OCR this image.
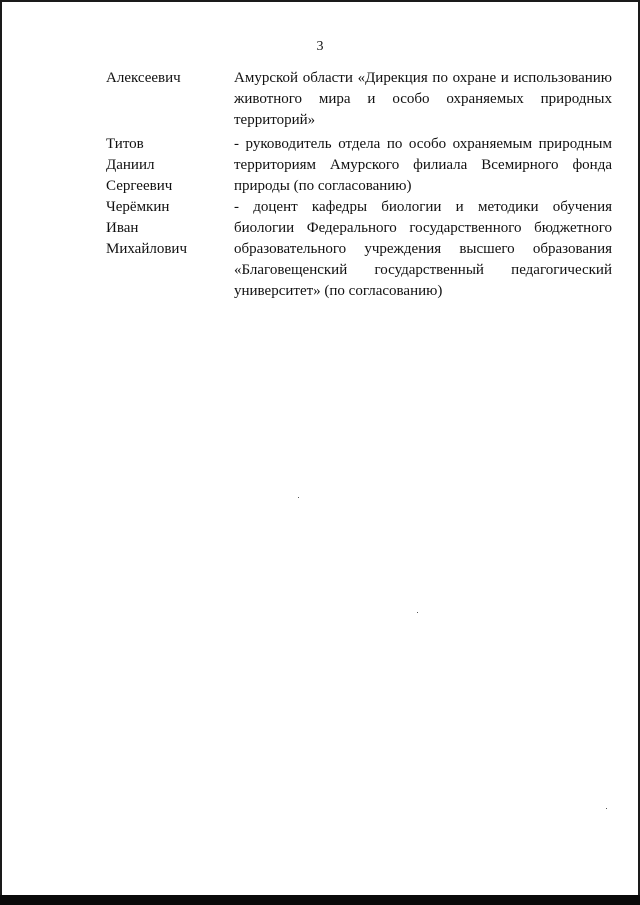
3
Алексеевич	Амурской области «Дирекция по охране и использованию
животного мира и особо охраняемых природных
территорий»
Титов
Даниил
Сергеевич
- руководитель отдела по особо охраняемым природным
территориям Амурского филиала Всемирного фонда
природы (по согласованию)
Черёмкин
Иван
Михайлович
- доцент кафедры биологии и методики обучения
биологии Федерального государственного бюджетного
образовательного учреждения высшего образования
«Благовещенский государственный педагогический
университет» (по согласованию)
